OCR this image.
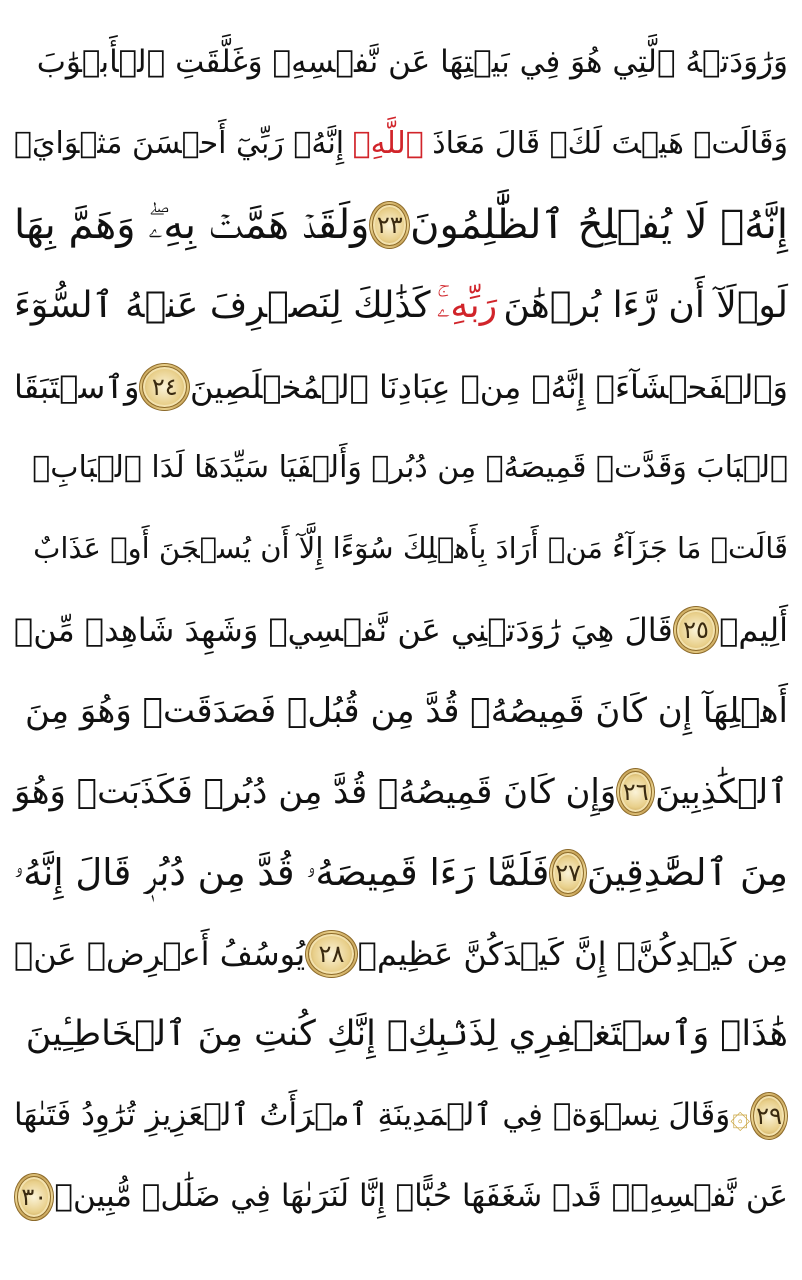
وَرَٰوَدَتۡهُ ٱلَّتِي هُوَ فِي بَيۡتِهَا عَن نَّفۡسِهِۦ وَغَلَّقَتِ ٱلۡأَبۡوَٰبَ
وَقَالَتۡ هَيۡتَ لَكَۚ قَالَ مَعَاذَ
ٱللَّهِۖ
إِنَّهُۥ رَبِّيٓ أَحۡسَنَ مَثۡوَايَۖ
إِنَّهُۥ لَا يُفۡلِحُ ٱلظَّٰلِمُونَ
٢٣
وَلَقَدۡ هَمَّتۡ بِهِۦۖ وَهَمَّ بِهَا
لَوۡلَآ أَن رَّءَا بُرۡهَٰنَ
رَبِّهِۦۚ
كَذَٰلِكَ لِنَصۡرِفَ عَنۡهُ ٱلسُّوٓءَ
وَٱلۡفَحۡشَآءَۚ إِنَّهُۥ مِنۡ عِبَادِنَا ٱلۡمُخۡلَصِينَ
٢٤
وَٱسۡتَبَقَا
ٱلۡبَابَ وَقَدَّتۡ قَمِيصَهُۥ مِن دُبُرٖ وَأَلۡفَيَا سَيِّدَهَا لَدَا ٱلۡبَابِۚ
قَالَتۡ مَا جَزَآءُ مَنۡ أَرَادَ بِأَهۡلِكَ سُوٓءًا إِلَّآ أَن يُسۡجَنَ أَوۡ عَذَابٌ
أَلِيمٞ
٢٥
قَالَ هِيَ رَٰوَدَتۡنِي عَن نَّفۡسِيۚ وَشَهِدَ شَاهِدٞ مِّنۡ
أَهۡلِهَآ إِن كَانَ قَمِيصُهُۥ قُدَّ مِن قُبُلٖ فَصَدَقَتۡ وَهُوَ مِنَ
ٱلۡكَٰذِبِينَ
٢٦
وَإِن كَانَ قَمِيصُهُۥ قُدَّ مِن دُبُرٖ فَكَذَبَتۡ وَهُوَ
مِنَ ٱلصَّٰدِقِينَ
٢٧
فَلَمَّا رَءَا قَمِيصَهُۥ قُدَّ مِن دُبُرٖ قَالَ إِنَّهُۥ
مِن كَيۡدِكُنَّۖ إِنَّ كَيۡدَكُنَّ عَظِيمٞ
٢٨
يُوسُفُ أَعۡرِضۡ عَنۡ
هَٰذَاۚ وَٱسۡتَغۡفِرِي لِذَنۢبِكِۖ إِنَّكِ كُنتِ مِنَ ٱلۡخَاطِـِٔينَ
٢٩
۞
وَقَالَ نِسۡوَةٞ فِي ٱلۡمَدِينَةِ ٱمۡرَأَتُ ٱلۡعَزِيزِ تُرَٰوِدُ فَتَىٰهَا
عَن نَّفۡسِهِۦۖ قَدۡ شَغَفَهَا حُبًّاۖ إِنَّا لَنَرَىٰهَا فِي ضَلَٰلٖ مُّبِينٖ
٣٠
